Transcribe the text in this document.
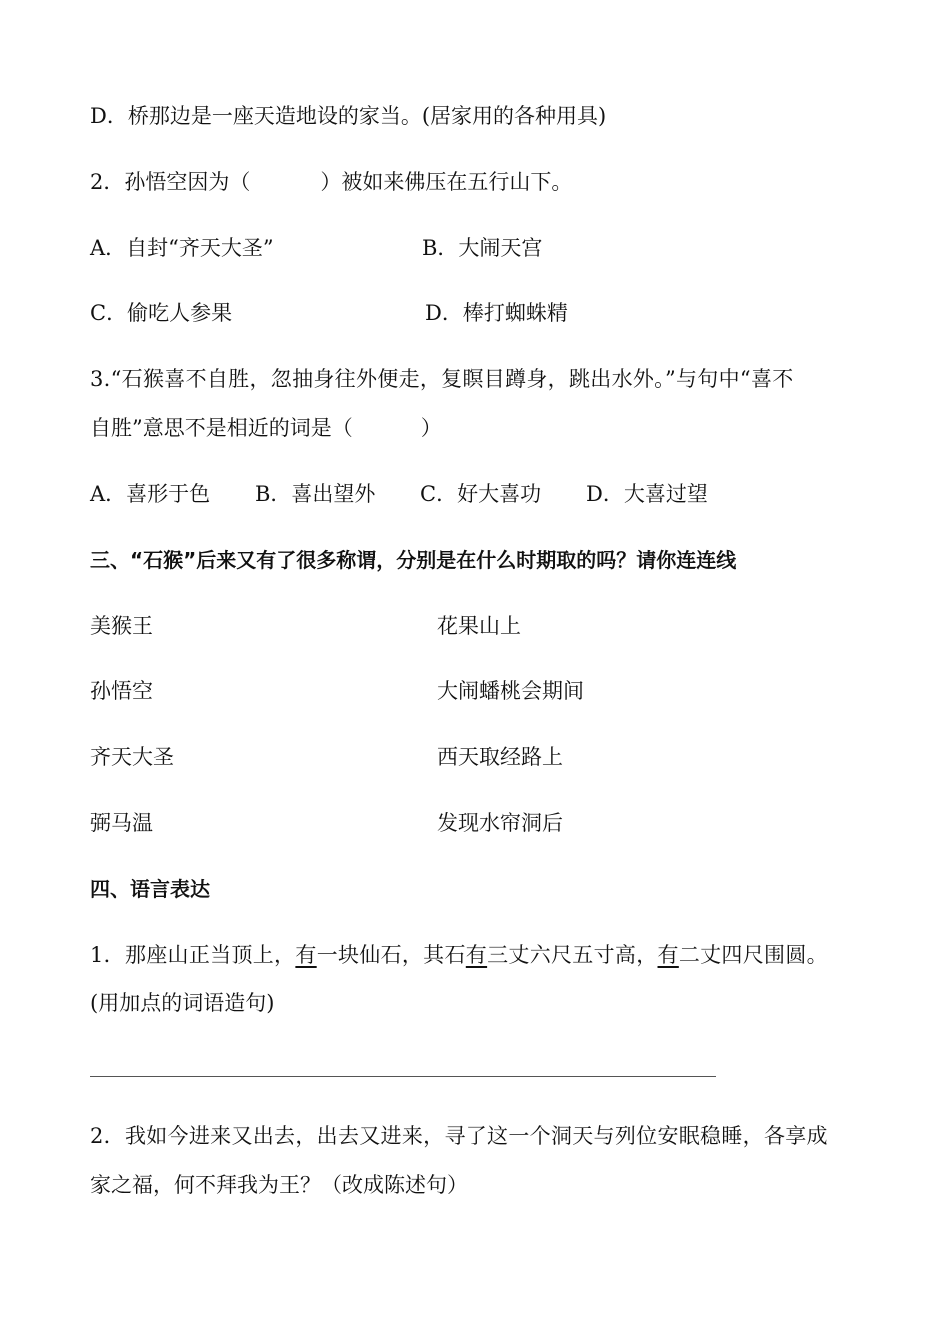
D．桥那边是一座天造地设的家当。(居家用的各种用具)
2．孙悟空因为（	）被如来佛压在五行山下。
A．自封“齐天大圣”	B．大闹天宫
C．偷吃人参果	D．棒打蜘蛛精
3.“石猴喜不自胜，忽抽身往外便走，复瞑目蹲身，跳出水外。”与句中“喜不
自胜”意思不是相近的词是（	）
A．喜形于色 B．喜出望外 C．好大喜功 D．大喜过望
三、“石猴”后来又有了很多称谓，分别是在什么时期取的吗？请你连连线
美猴王	花果山上
孙悟空	大闹蟠桃会期间
齐天大圣	西天取经路上
弼马温	发现水帘洞后
四、语言表达
1．那座山正当顶上，有一块仙石，其石有三丈六尺五寸高，有二丈四尺围圆。
(用加点的词语造句)
2．我如今进来又出去，出去又进来，寻了这一个洞天与列位安眠稳睡，各享成
家之福，何不拜我为王？（改成陈述句）
